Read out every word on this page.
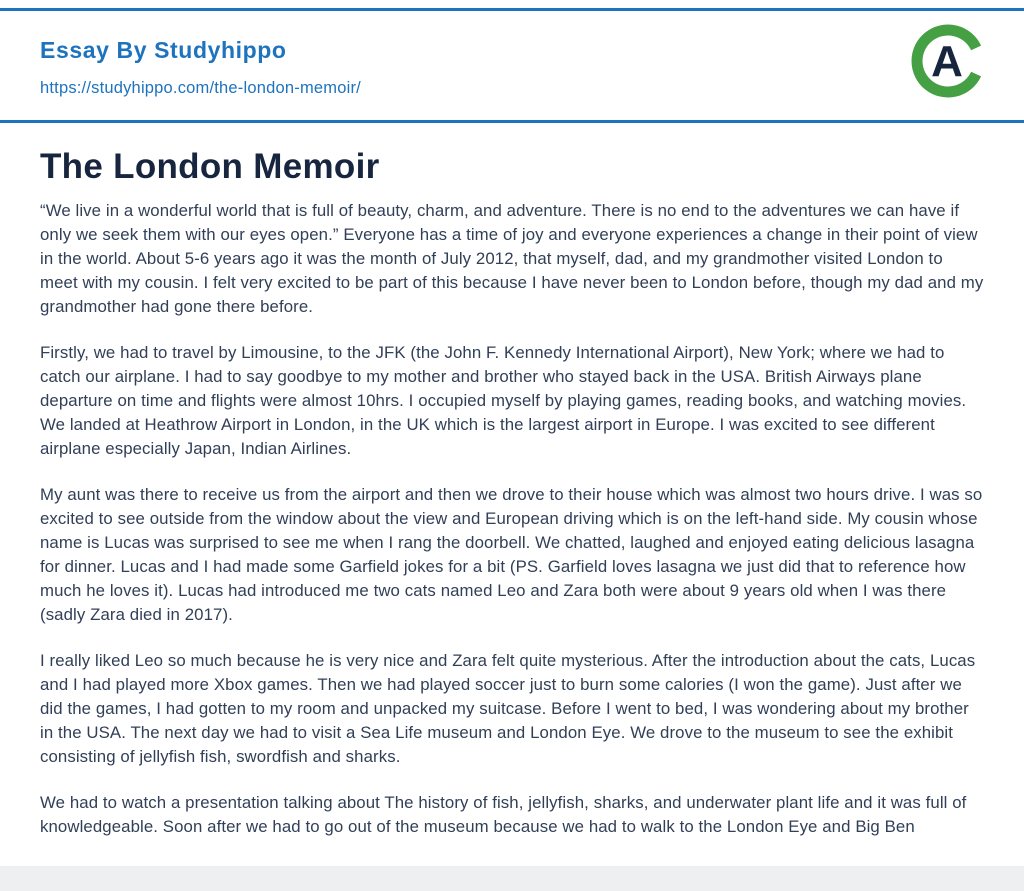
Essay By Studyhippo
https://studyhippo.com/the-london-memoir/
A
The London Memoir

“We live in a wonderful world that is full of beauty, charm, and adventure. There is no end to the adventures we can have if only we seek them with our eyes open.” Everyone has a time of joy and everyone experiences a change in their point of view in the world. About 5-6 years ago it was the month of July 2012, that myself, dad, and my grandmother visited London to meet with my cousin. I felt very excited to be part of this because I have never been to London before, though my dad and my grandmother had gone there before.

Firstly, we had to travel by Limousine, to the JFK (the John F. Kennedy International Airport), New York; where we had to catch our airplane. I had to say goodbye to my mother and brother who stayed back in the USA. British Airways plane departure on time and flights were almost 10hrs. I occupied myself by playing games, reading books, and watching movies. We landed at Heathrow Airport in London, in the UK which is the largest airport in Europe. I was excited to see different airplane especially Japan, Indian Airlines.

My aunt was there to receive us from the airport and then we drove to their house which was almost two hours drive. I was so excited to see outside from the window about the view and European driving which is on the left-hand side. My cousin whose name is Lucas was surprised to see me when I rang the doorbell. We chatted, laughed and enjoyed eating delicious lasagna for dinner. Lucas and I had made some Garfield jokes for a bit (PS. Garfield loves lasagna we just did that to reference how much he loves it). Lucas had introduced me two cats named Leo and Zara both were about 9 years old when I was there (sadly Zara died in 2017).

I really liked Leo so much because he is very nice and Zara felt quite mysterious. After the introduction about the cats, Lucas and I had played more Xbox games. Then we had played soccer just to burn some calories (I won the game). Just after we did the games, I had gotten to my room and unpacked my suitcase. Before I went to bed, I was wondering about my brother in the USA. The next day we had to visit a Sea Life museum and London Eye. We drove to the museum to see the exhibit consisting of jellyfish fish, swordfish and sharks.

We had to watch a presentation talking about The history of fish, jellyfish, sharks, and underwater plant life and it was full of knowledgeable. Soon after we had to go out of the museum because we had to walk to the London Eye and Big Ben
